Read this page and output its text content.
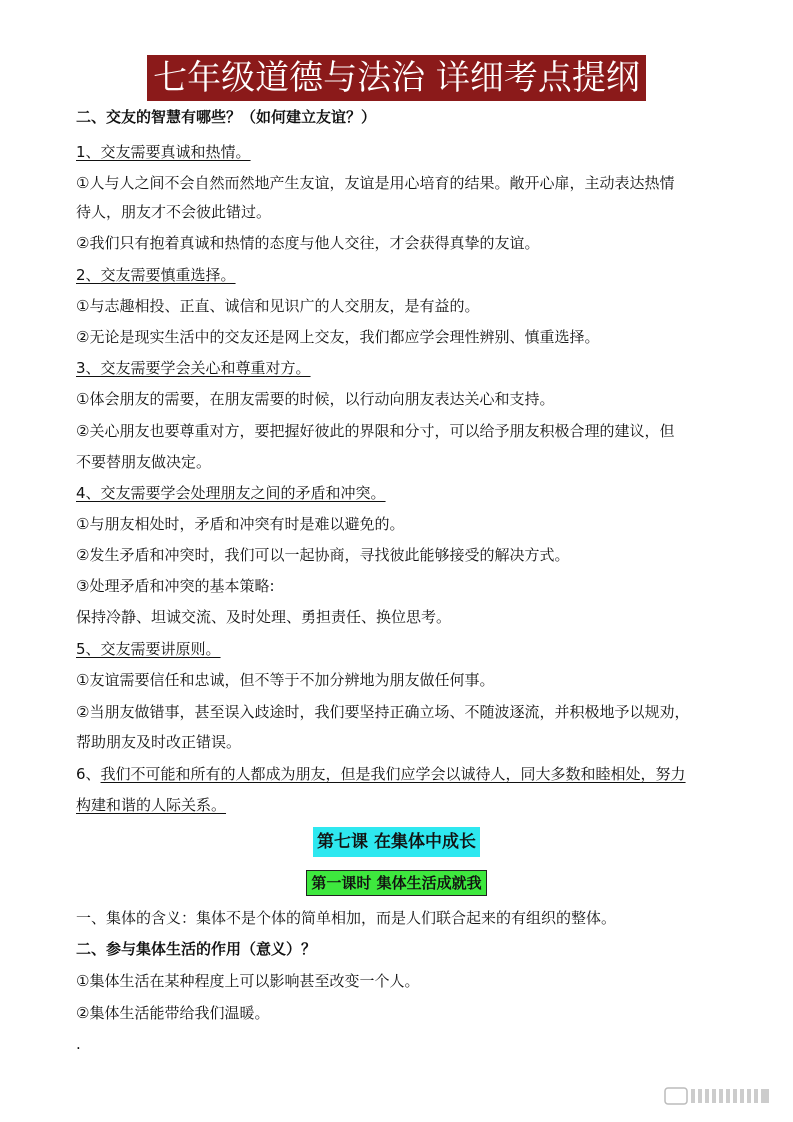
七年级道德与法治 详细考点提纲
二、交友的智慧有哪些？（如何建立友谊？）
1、交友需要真诚和热情。
①人与人之间不会自然而然地产生友谊，友谊是用心培育的结果。敞开心扉，主动表达热情
待人，朋友才不会彼此错过。
②我们只有抱着真诚和热情的态度与他人交往，才会获得真挚的友谊。
2、交友需要慎重选择。
①与志趣相投、正直、诚信和见识广的人交朋友，是有益的。
②无论是现实生活中的交友还是网上交友，我们都应学会理性辨别、慎重选择。
3、交友需要学会关心和尊重对方。
①体会朋友的需要，在朋友需要的时候，以行动向朋友表达关心和支持。
②关心朋友也要尊重对方，要把握好彼此的界限和分寸，可以给予朋友积极合理的建议，但
不要替朋友做决定。
4、交友需要学会处理朋友之间的矛盾和冲突。
①与朋友相处时，矛盾和冲突有时是难以避免的。
②发生矛盾和冲突时，我们可以一起协商，寻找彼此能够接受的解决方式。
③处理矛盾和冲突的基本策略:
保持冷静、坦诚交流、及时处理、勇担责任、换位思考。
5、交友需要讲原则。
①友谊需要信任和忠诚，但不等于不加分辨地为朋友做任何事。
②当朋友做错事，甚至误入歧途时，我们要坚持正确立场、不随波逐流，并积极地予以规劝，
帮助朋友及时改正错误。
6、我们不可能和所有的人都成为朋友，但是我们应学会以诚待人，同大多数和睦相处，努力
构建和谐的人际关系。
第七课 在集体中成长
第一课时 集体生活成就我
一、集体的含义：集体不是个体的简单相加，而是人们联合起来的有组织的整体。
二、参与集体生活的作用（意义）？
①集体生活在某种程度上可以影响甚至改变一个人。
②集体生活能带给我们温暖。
.
